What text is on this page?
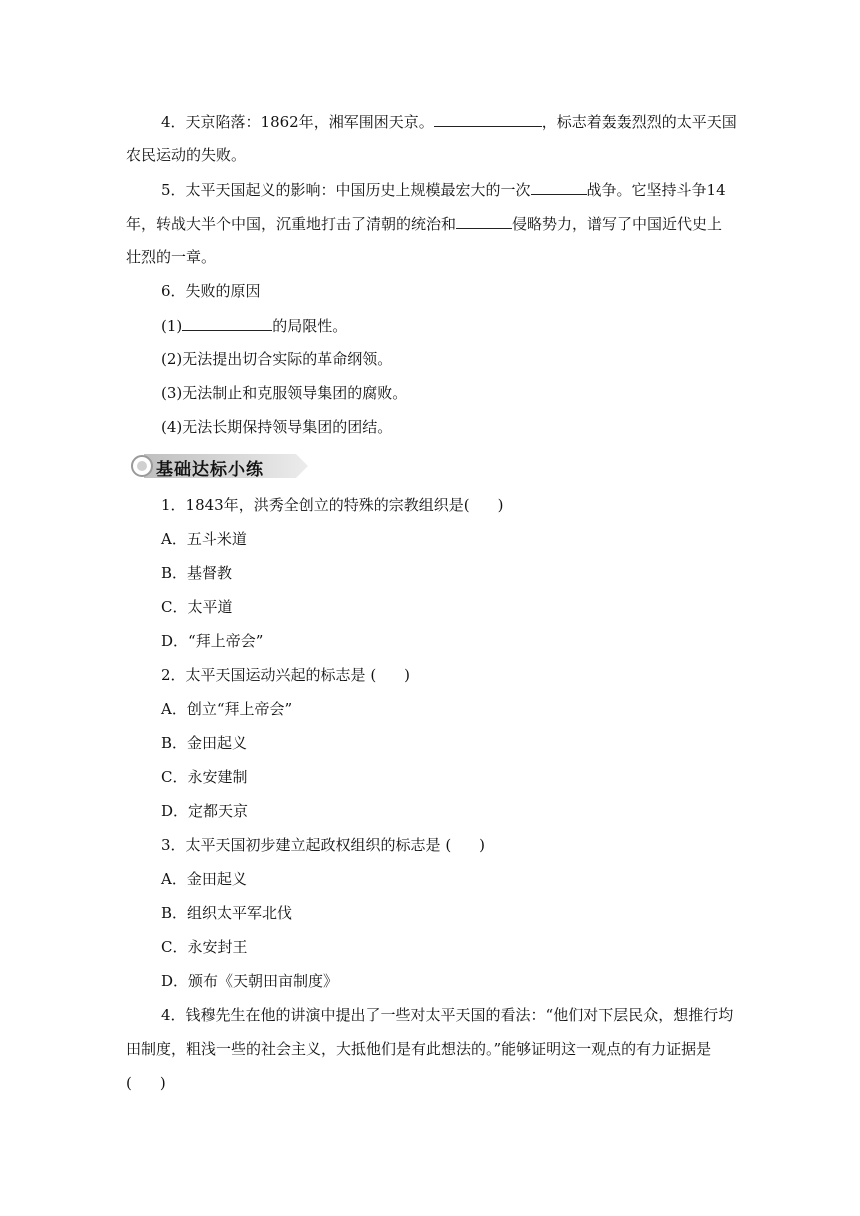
4．天京陷落：1862年，湘军围困天京。	，标志着轰轰烈烈的太平天国
农民运动的失败。
5．太平天国起义的影响：中国历史上规模最宏大的一次	战争。它坚持斗争14
年，转战大半个中国，沉重地打击了清朝的统治和	侵略势力，谱写了中国近代史上
壮烈的一章。
6．失败的原因
(1)	的局限性。
(2)无法提出切合实际的革命纲领。
(3)无法制止和克服领导集团的腐败。
(4)无法长期保持领导集团的团结。
基础达标小练
1．1843年，洪秀全创立的特殊的宗教组织是( )
A．五斗米道
B．基督教
C．太平道
D．“拜上帝会”
2．太平天国运动兴起的标志是 ( )
A．创立“拜上帝会”
B．金田起义
C．永安建制
D．定都天京
3．太平天国初步建立起政权组织的标志是 ( )
A．金田起义
B．组织太平军北伐
C．永安封王
D．颁布《天朝田亩制度》
4．钱穆先生在他的讲演中提出了一些对太平天国的看法：“他们对下层民众，想推行均
田制度，粗浅一些的社会主义，大抵他们是有此想法的。”能够证明这一观点的有力证据是
( )
